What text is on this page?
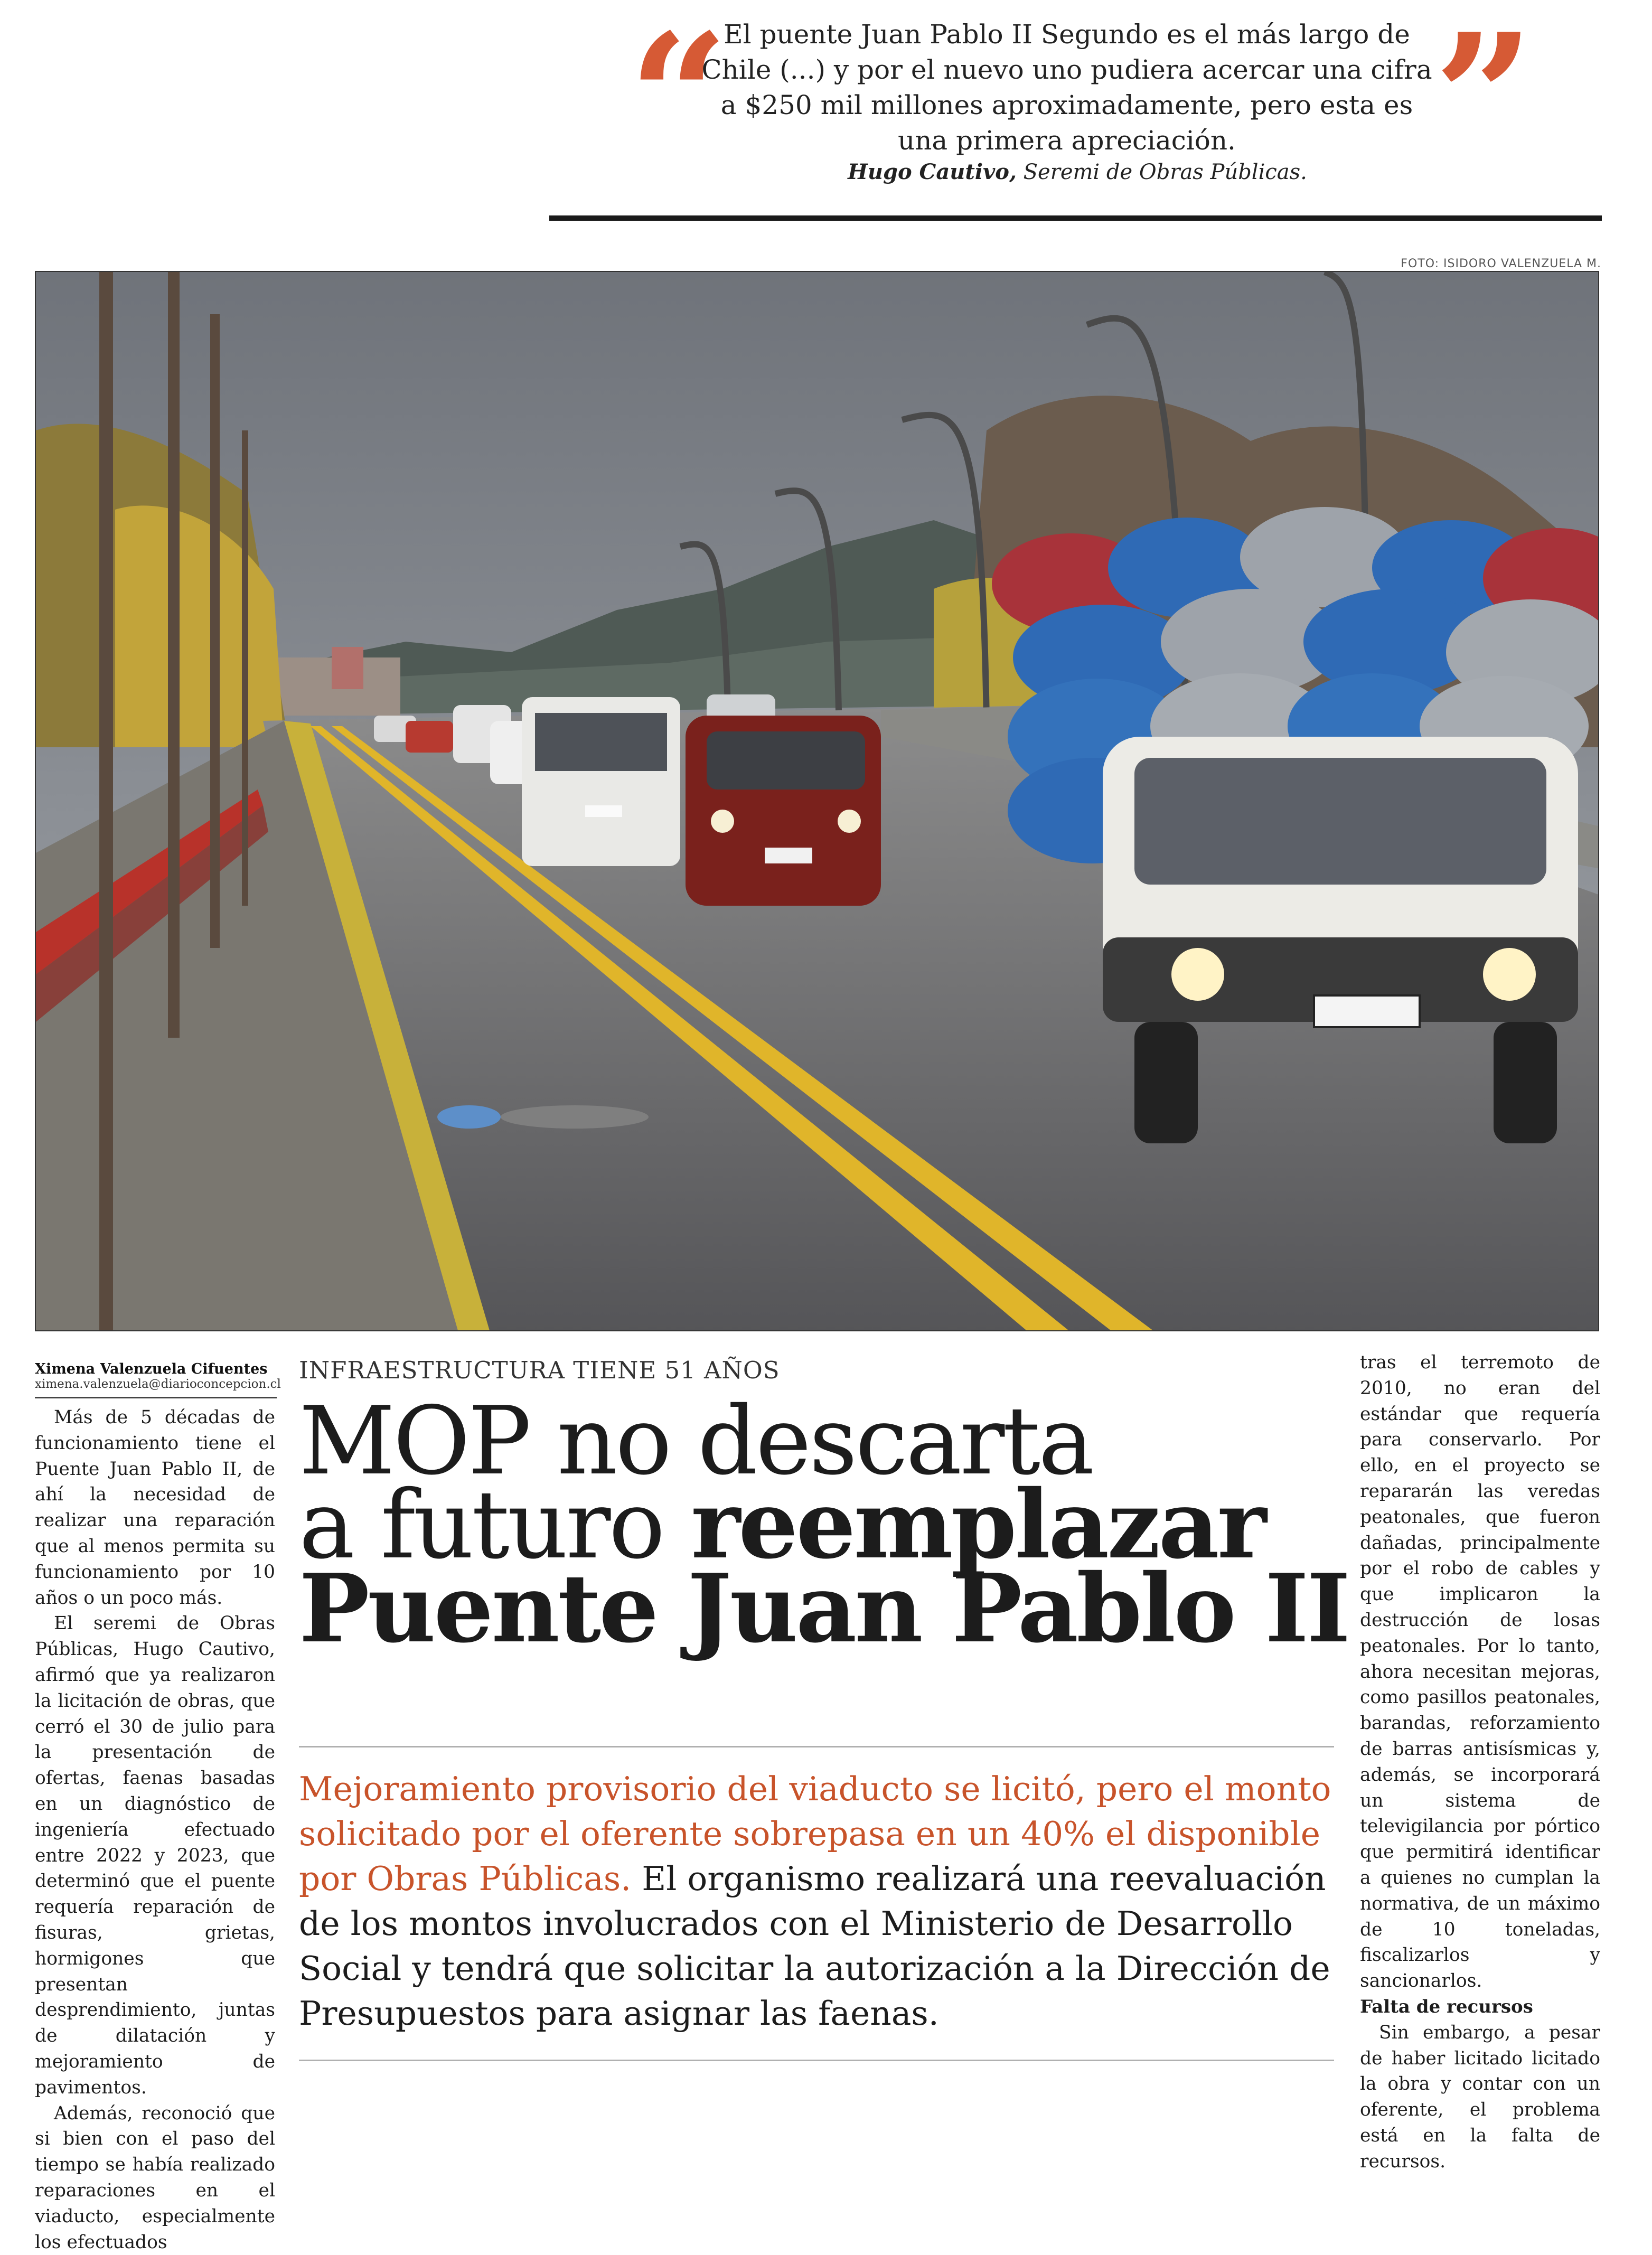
“
El puente Juan Pablo II Segundo es el más largo de Chile (...) y por el nuevo uno pudiera acercar una cifra a $250 mil millones aproximadamente, pero esta es una primera apreciación.	”
Hugo Cautivo, Seremi de Obras Públicas.
FOTO: ISIDORO VALENZUELA M.
Ximena Valenzuela Cifuentes
ximena.valenzuela@diarioconcepcion.cl

Más de 5 décadas de funcionamiento tiene el Puente Juan Pablo II, de ahí la necesidad de realizar una reparación que al menos permita su funcionamiento por 10 años o un poco más.

El seremi de Obras Públicas, Hugo Cautivo, afirmó que ya realizaron la licitación de obras, que cerró el 30 de julio para la presentación de ofertas, faenas basadas en un diagnóstico de ingeniería efectuado entre 2022 y 2023, que determinó que el puente requería reparación de fisuras, grietas, hormigones que presentan desprendimiento, juntas de dilatación y mejoramiento de pavimentos.

Además, reconoció que si bien con el paso del tiempo se había realizado reparaciones en el viaducto, especialmente los efectuados

INFRAESTRUCTURA TIENE 51 AÑOS
MOP no descarta
a futuro reemplazar
Puente Juan Pablo II
Mejoramiento provisorio del viaducto se licitó, pero el monto solicitado por el oferente sobrepasa en un 40% el disponible por Obras Públicas. El organismo realizará una reevaluación de los montos involucrados con el Ministerio de Desarrollo Social y tendrá que solicitar la autorización a la Dirección de Presupuestos para asignar las faenas.

tras el terremoto de 2010, no eran del estándar que requería para conservarlo. Por ello, en el proyecto se repararán las veredas peatonales, que fueron dañadas, principalmente por el robo de cables y que implicaron la destrucción de losas peatonales. Por lo tanto, ahora necesitan mejoras, como pasillos peatonales, barandas, reforzamiento de barras antisísmicas y, además, se incorporará un sistema de televigilancia por pórtico que permitirá identificar a quienes no cumplan la normativa, de un máximo de 10 toneladas, fiscalizarlos y sancionarlos.

Falta de recursos

Sin embargo, a pesar de haber licitado licitado la obra y contar con un oferente, el problema está en la falta de recursos.
